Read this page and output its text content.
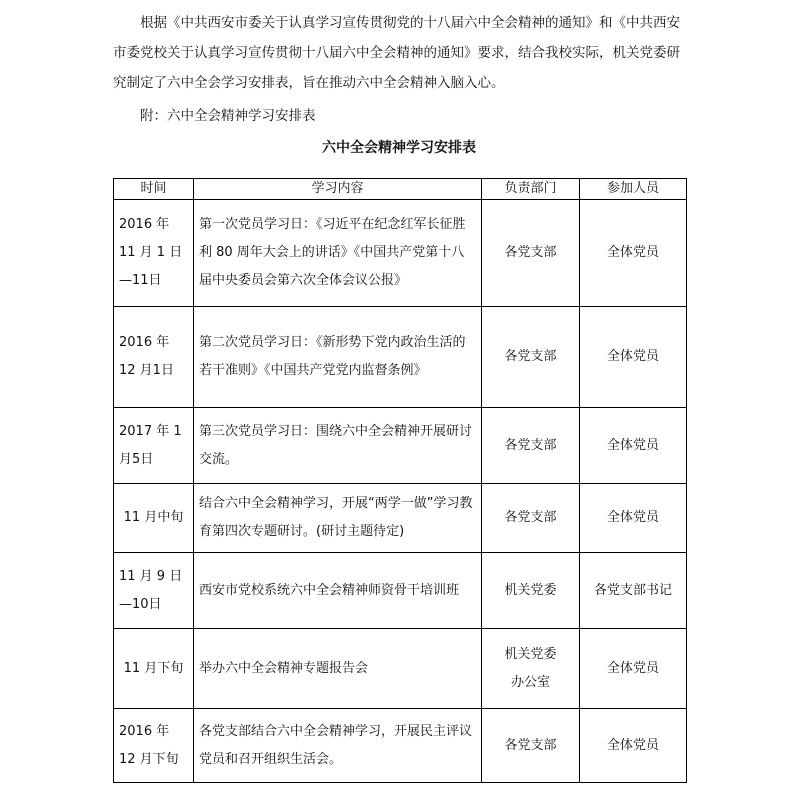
根据《中共西安市委关于认真学习宣传贯彻党的十八届六中全会精神的通知》和《中共西安市委党校关于认真学习宣传贯彻十八届六中全会精神的通知》要求，结合我校实际，机关党委研究制定了六中全会学习安排表，旨在推动六中全会精神入脑入心。

附：六中全会精神学习安排表

六中全会精神学习安排表
时间	学习内容	负责部门	参加人员
2016 年 11 月 1 日—11日	第一次党员学习日：《习近平在纪念红军长征胜利 80 周年大会上的讲话》《中国共产党第十八届中央委员会第六次全体会议公报》	各党支部	全体党员
2016 年 12 月1日	第二次党员学习日：《新形势下党内政治生活的若干准则》《中国共产党党内监督条例》	各党支部	全体党员
2017 年 1 月5日	第三次党员学习日：围绕六中全会精神开展研讨交流。	各党支部	全体党员
11 月中旬	结合六中全会精神学习，开展“两学一做”学习教育第四次专题研讨。(研讨主题待定)	各党支部	全体党员
11 月 9 日—10日	西安市党校系统六中全会精神师资骨干培训班	机关党委	各党支部书记
11 月下旬	举办六中全会精神专题报告会	机关党委办公室	全体党员
2016 年 12 月下旬	各党支部结合六中全会精神学习，开展民主评议党员和召开组织生活会。	各党支部	全体党员
